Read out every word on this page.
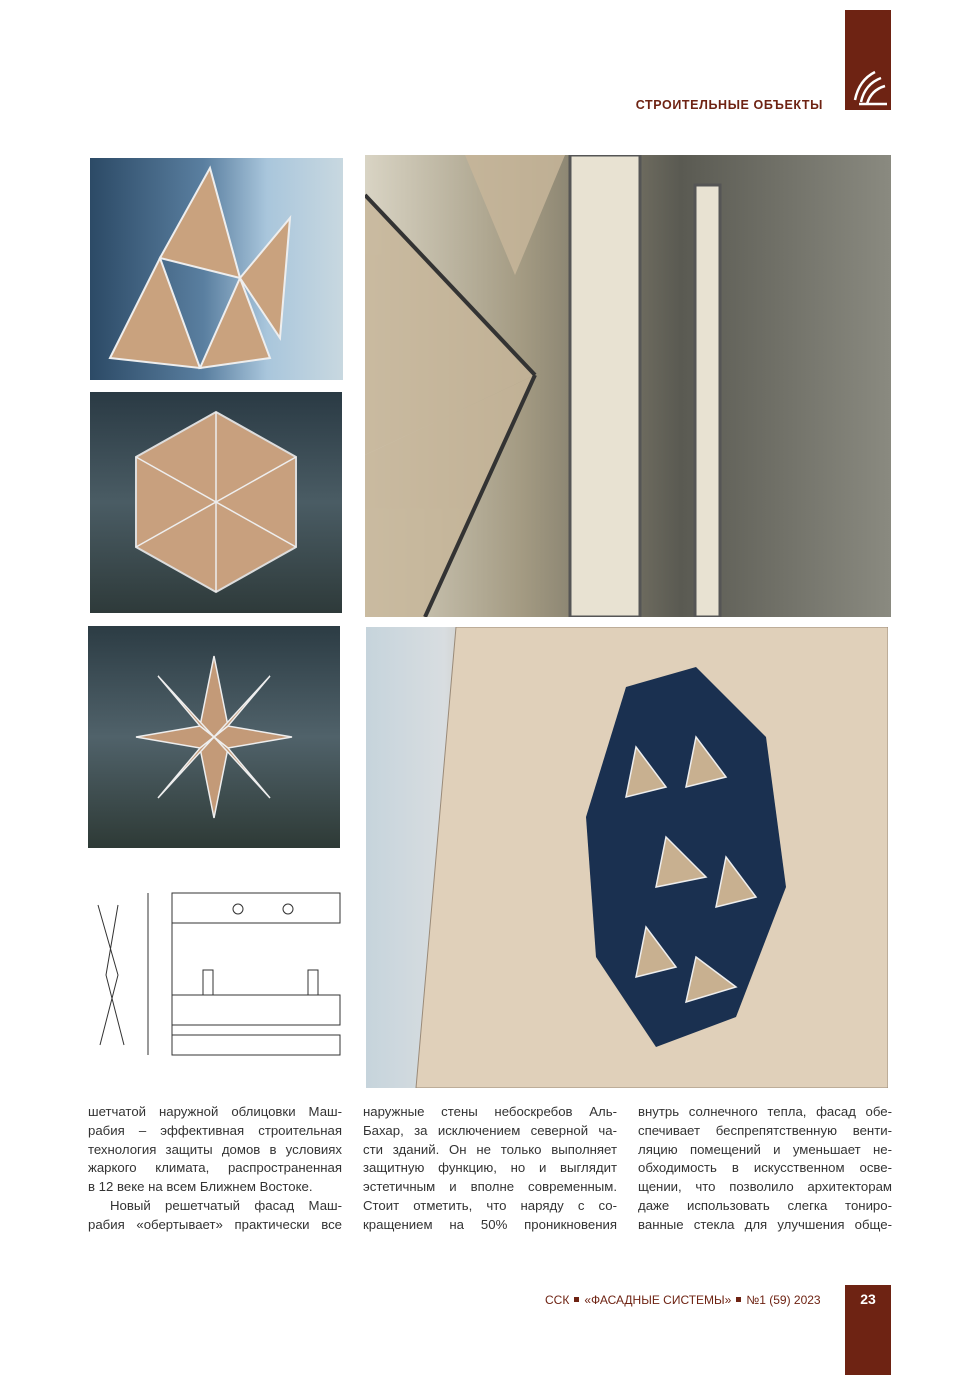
СТРОИТЕЛЬНЫЕ ОБЪЕКТЫ
шетчатой наружной облицовки Маш-
рабия – эффективная строительная
технология защиты домов в условиях
жаркого климата, распространенная
в 12 веке на всем Ближнем Востоке.
Новый решетчатый фасад Маш-
рабия «обертывает» практически все
наружные стены небоскребов Аль-
Бахар, за исключением северной ча-
сти зданий. Он не только выполняет
защитную функцию, но и выглядит
эстетичным и вполне современным.
Стоит отметить, что наряду с со-
кращением на 50% проникновения
внутрь солнечного тепла, фасад обе-
спечивает беспрепятственную венти-
ляцию помещений и уменьшает не-
обходимость в искусственном осве-
щении, что позволило архитекторам
даже использовать слегка тониро-
ванные стекла для улучшения обще-
ССК «ФАСАДНЫЕ СИСТЕМЫ» №1 (59) 2023	23
